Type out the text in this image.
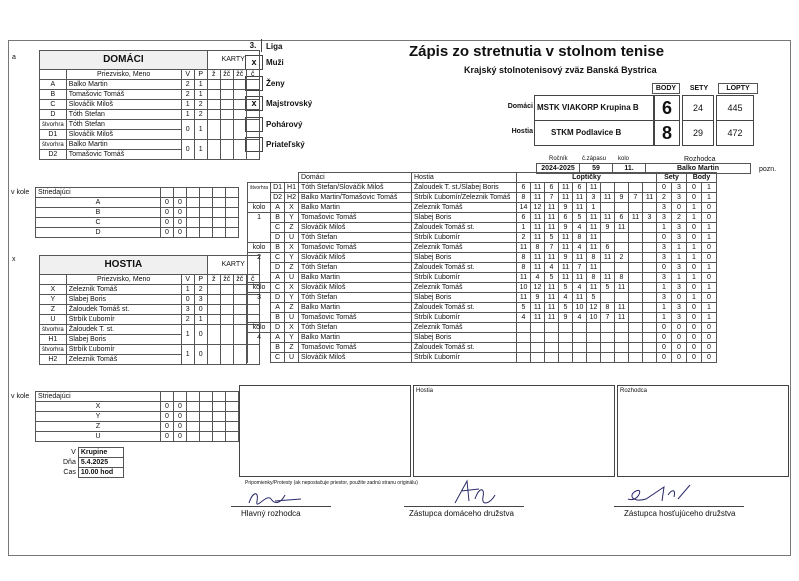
a
x
Zápis zo stretnutia v stolnom tenise
Krajský stolnotenisový zväz Banská Bystrica
3.	Liga
x	Muži
Ženy
x	Majstrovský
Pohárový
Priateľský
BODY	SETY	LOPTY
Domáci MSTK VIAKORP Krupina B	6	24	445
Hostia STKM Podlavice B	8	29	472
Ročník č.zápasu kolo	Rozhodca
2024-2025	59	11.	Balko Martin	pozn.
DOMÁCI				KARTY			
	Priezvisko, Meno	V	P	ž	žč	žč	č
A	Balko Martin	2	1				
B	Tomašovic Tomáš	2	1				
C	Slováčik Miloš	1	2				
D	Tóth Štefan	1	2				
štvorhra	Tóth Štefan	0	1				
D1	Slováčik Miloš						
štvorhra	Balko Martin	0	1				
D2	Tomašovic Tomáš						
v kole	Striedajúci						
	A	0	0				
	B	0	0				
	C	0	0				
	D	0	0				
HOSTIA				KARTY			
	Priezvisko, Meno	V	P	ž	žč	žč	č
X	Zeleznik Tomáš	1	2				
Y	Slabej Boris	0	3				
Z	Žaloudek Tomáš st.	3	0				
U	Štrbík Ľubomír	2	1				
štvorhra	Žaloudek T. st.	1	0				
H1	Slabej Boris						
štvorhra	Štrbík Ľubomír	1	0				
H2	Zeleznik Tomáš						
v kole	Striedajúci						
	X	0	0				
	Y	0	0				
	Z	0	0				
	U	0	0				
V	Krupine
Dňa	5.4.2025
Čas	10.00 hod
			Domáci	Hostia	Loptičky										Sety		Body	
štvorhra	D1	H1	Tóth Štefan/Slováčik Miloš	Žaloudek T. st./Slabej Boris	6	11	6	11	6	11					0	3	0	1
	D2	H2	Balko Martin/Tomašovic Tomáš	Štrbík Ľubomír/Zeleznik Tomáš	8	11	7	11	11	3	11	9	7	11	2	3	0	1
kolo	A	X	Balko Martin	Zeleznik Tomáš	14	12	11	9	11	1					3	0	1	0
1	B	Y	Tomašovic Tomáš	Slabej Boris	6	11	11	6	5	11	11	6	11	3	3	2	1	0
	C	Z	Slováčik Miloš	Žaloudek Tomáš st.	1	11	11	9	4	11	9	11			1	3	0	1
	D	U	Tóth Štefan	Štrbík Ľubomír	2	11	5	11	8	11					0	3	0	1
kolo	B	X	Tomašovic Tomáš	Zeleznik Tomáš	11	8	7	11	4	11	6				3	1	1	0
2	C	Y	Slováčik Miloš	Slabej Boris	8	11	11	9	11	8	11	2			3	1	1	0
	D	Z	Tóth Štefan	Žaloudek Tomáš st.	8	11	4	11	7	11					0	3	0	1
	A	U	Balko Martin	Štrbík Ľubomír	11	4	5	11	11	8	11	8			3	1	1	0
kolo	C	X	Slováčik Miloš	Zeleznik Tomáš	10	12	11	5	4	11	5	11			1	3	0	1
3	D	Y	Tóth Štefan	Slabej Boris	11	9	11	4	11	5					3	0	1	0
	A	Z	Balko Martin	Žaloudek Tomáš st.	5	11	11	5	10	12	8	11			1	3	0	1
	B	U	Tomašovic Tomáš	Štrbík Ľubomír	4	11	11	9	4	10	7	11			1	3	0	1
kolo	D	X	Tóth Štefan	Zeleznik Tomáš											0	0	0	0
4	A	Y	Balko Martin	Slabej Boris											0	0	0	0
	B	Z	Tomašovic Tomáš	Žaloudek Tomáš st.											0	0	0	0
	C	U	Slováčik Miloš	Štrbík Ľubomír											0	0	0	0
Hostia	Rozhodca
Pripomienky/Protesty (ak nepostačuje priestor, použite zadnú stranu originálu)
Hlavný rozhodca	Zástupca domáceho družstva	Zástupca hosťujúceho družstva
